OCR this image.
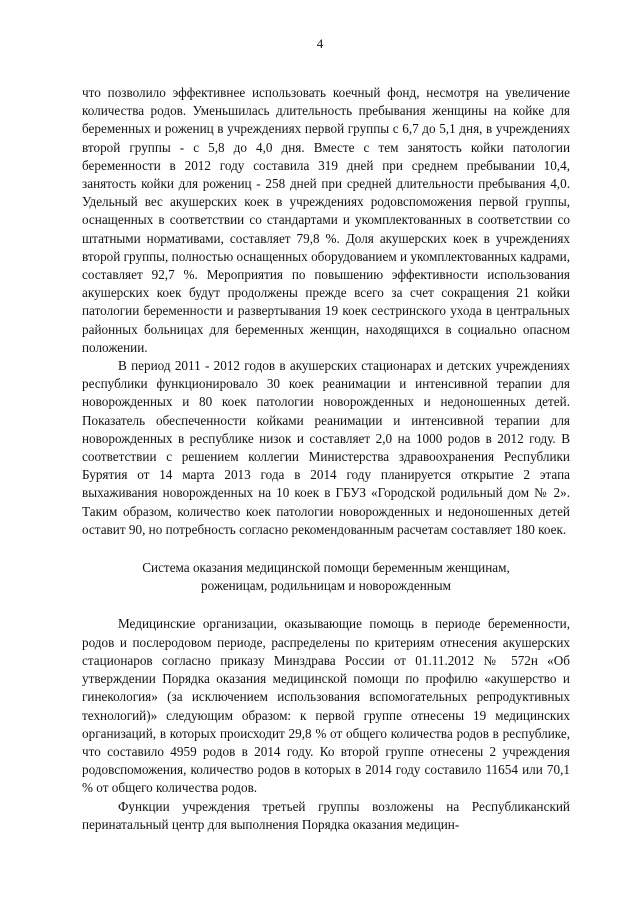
4

что позволило эффективнее использовать коечный фонд, несмотря на увеличение количества родов. Уменьшилась длительность пребывания женщины на койке для беременных и рожениц в учреждениях первой группы с 6,7 до 5,1 дня, в учреждениях второй группы - с 5,8 до 4,0 дня. Вместе с тем занятость койки патологии беременности в 2012 году составила 319 дней при среднем пребывании 10,4, занятость койки для рожениц - 258 дней при средней длительности пребывания 4,0. Удельный вес акушерских коек в учреждениях родовспоможения первой группы, оснащенных в соответствии со стандартами и укомплектованных в соответствии со штатными нормативами, составляет 79,8 %. Доля акушерских коек в учреждениях второй группы, полностью оснащенных оборудованием и укомплектованных кадрами, составляет 92,7 %. Мероприятия по повышению эффективности использования акушерских коек будут продолжены прежде всего за счет сокращения 21 койки патологии беременности и развертывания 19 коек сестринского ухода в центральных районных больницах для беременных женщин, находящихся в социально опасном положении.

В период 2011 - 2012 годов в акушерских стационарах и детских учреждениях республики функционировало 30 коек реанимации и интенсивной терапии для новорожденных и 80 коек патологии новорожденных и недоношенных детей. Показатель обеспеченности койками реанимации и интенсивной терапии для новорожденных в республике низок и составляет 2,0 на 1000 родов в 2012 году. В соответствии с решением коллегии Министерства здравоохранения Республики Бурятия от 14 марта 2013 года в 2014 году планируется открытие 2 этапа выхаживания новорожденных на 10 коек в ГБУЗ «Городской родильный дом № 2». Таким образом, количество коек патологии новорожденных и недоношенных детей оставит 90, но потребность согласно рекомендованным расчетам составляет 180 коек.

Система оказания медицинской помощи беременным женщинам,
роженицам, родильницам и новорожденным

Медицинские организации, оказывающие помощь в периоде беременности, родов и послеродовом периоде, распределены по критериям отнесения акушерских стационаров согласно приказу Минздрава России от 01.11.2012 № 572н «Об утверждении Порядка оказания медицинской помощи по профилю «акушерство и гинекология» (за исключением использования вспомогательных репродуктивных технологий)» следующим образом: к первой группе отнесены 19 медицинских организаций, в которых происходит 29,8 % от общего количества родов в республике, что составило 4959 родов в 2014 году. Ко второй группе отнесены 2 учреждения родовспоможения, количество родов в которых в 2014 году составило 11654 или 70,1 % от общего количества родов.

Функции учреждения третьей группы возложены на Республиканский перинатальный центр для выполнения Порядка оказания медицин-
